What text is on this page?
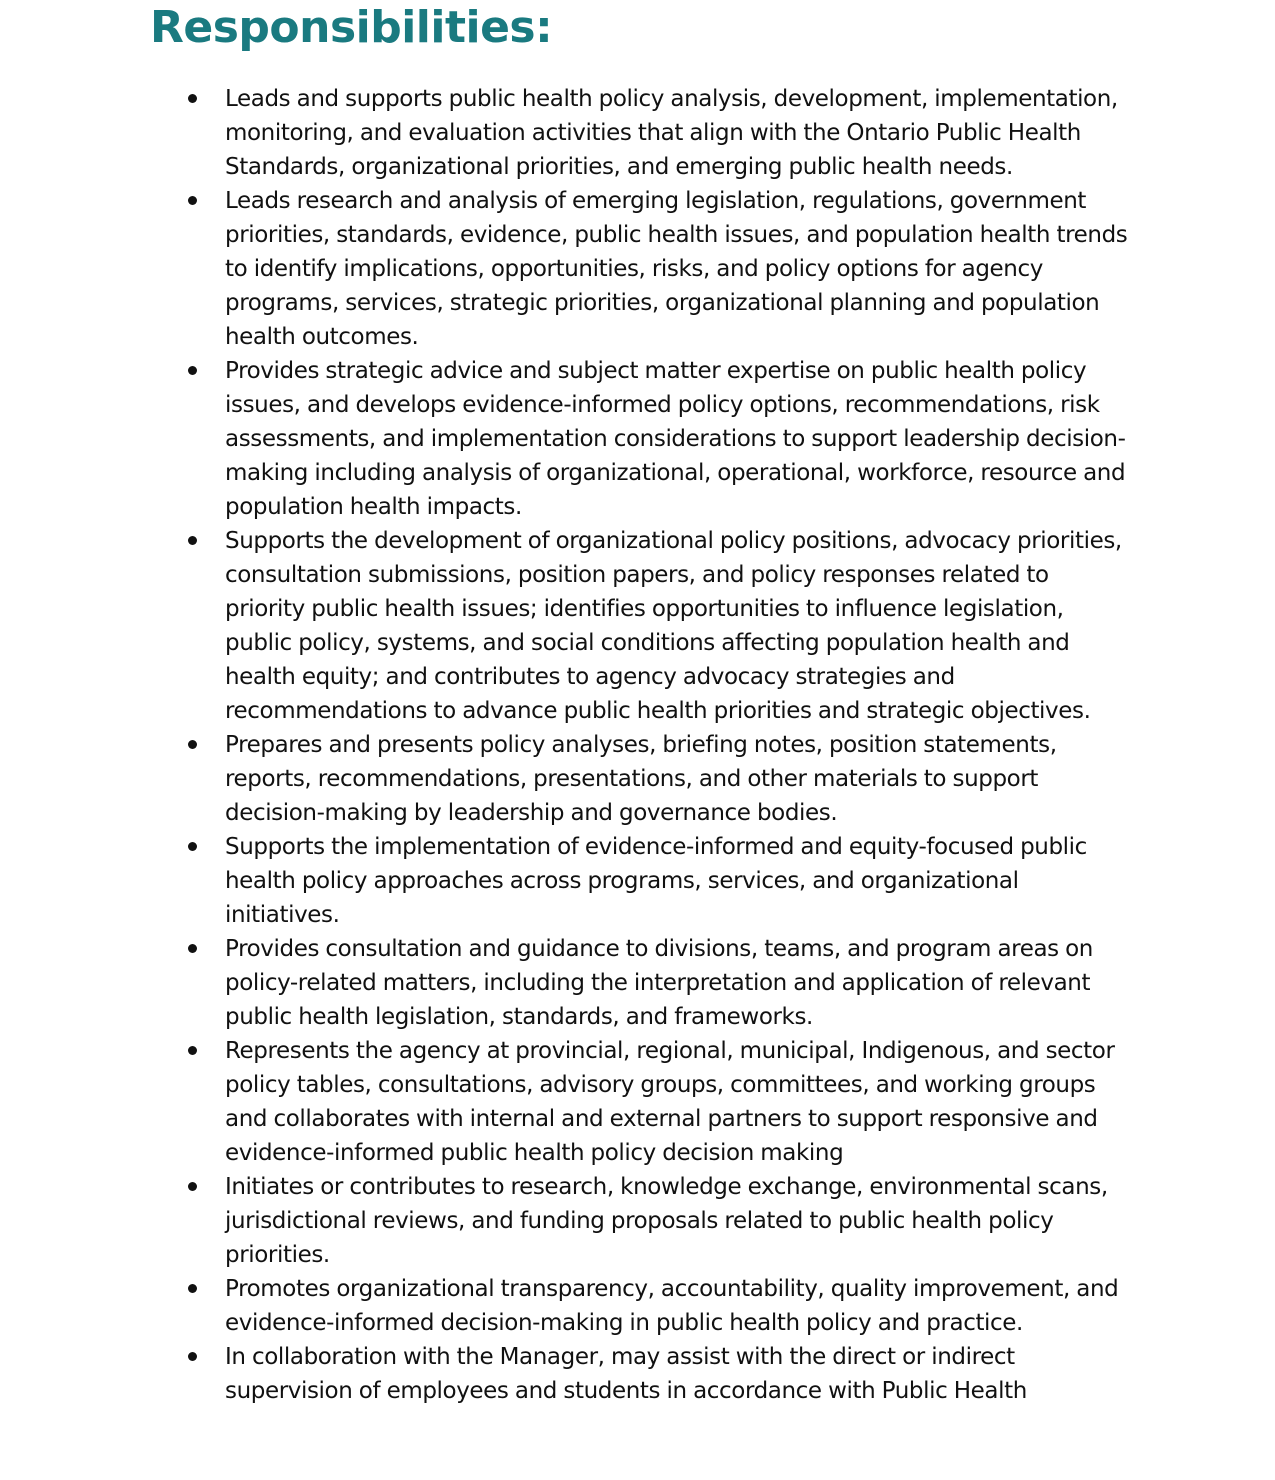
Responsibilities:
Leads and supports public health policy analysis, development, implementation, monitoring, and evaluation activities that align with the Ontario Public Health Standards, organizational priorities, and emerging public health needs.
Leads research and analysis of emerging legislation, regulations, government priorities, standards, evidence, public health issues, and population health trends to identify implications, opportunities, risks, and policy options for agency programs, services, strategic priorities, organizational planning and population health outcomes.
Provides strategic advice and subject matter expertise on public health policy issues, and develops evidence-informed policy options, recommendations, risk assessments, and implementation considerations to support leadership decision-making including analysis of organizational, operational, workforce, resource and population health impacts.
Supports the development of organizational policy positions, advocacy priorities, consultation submissions, position papers, and policy responses related to priority public health issues; identifies opportunities to influence legislation, public policy, systems, and social conditions affecting population health and health equity; and contributes to agency advocacy strategies and recommendations to advance public health priorities and strategic objectives.
Prepares and presents policy analyses, briefing notes, position statements, reports, recommendations, presentations, and other materials to support decision-making by leadership and governance bodies.
Supports the implementation of evidence-informed and equity-focused public health policy approaches across programs, services, and organizational initiatives.
Provides consultation and guidance to divisions, teams, and program areas on policy-related matters, including the interpretation and application of relevant public health legislation, standards, and frameworks.
Represents the agency at provincial, regional, municipal, Indigenous, and sector policy tables, consultations, advisory groups, committees, and working groups and collaborates with internal and external partners to support responsive and evidence-informed public health policy decision making
Initiates or contributes to research, knowledge exchange, environmental scans, jurisdictional reviews, and funding proposals related to public health policy priorities.
Promotes organizational transparency, accountability, quality improvement, and evidence-informed decision-making in public health policy and practice.
In collaboration with the Manager, may assist with the direct or indirect supervision of employees and students in accordance with Public Health
